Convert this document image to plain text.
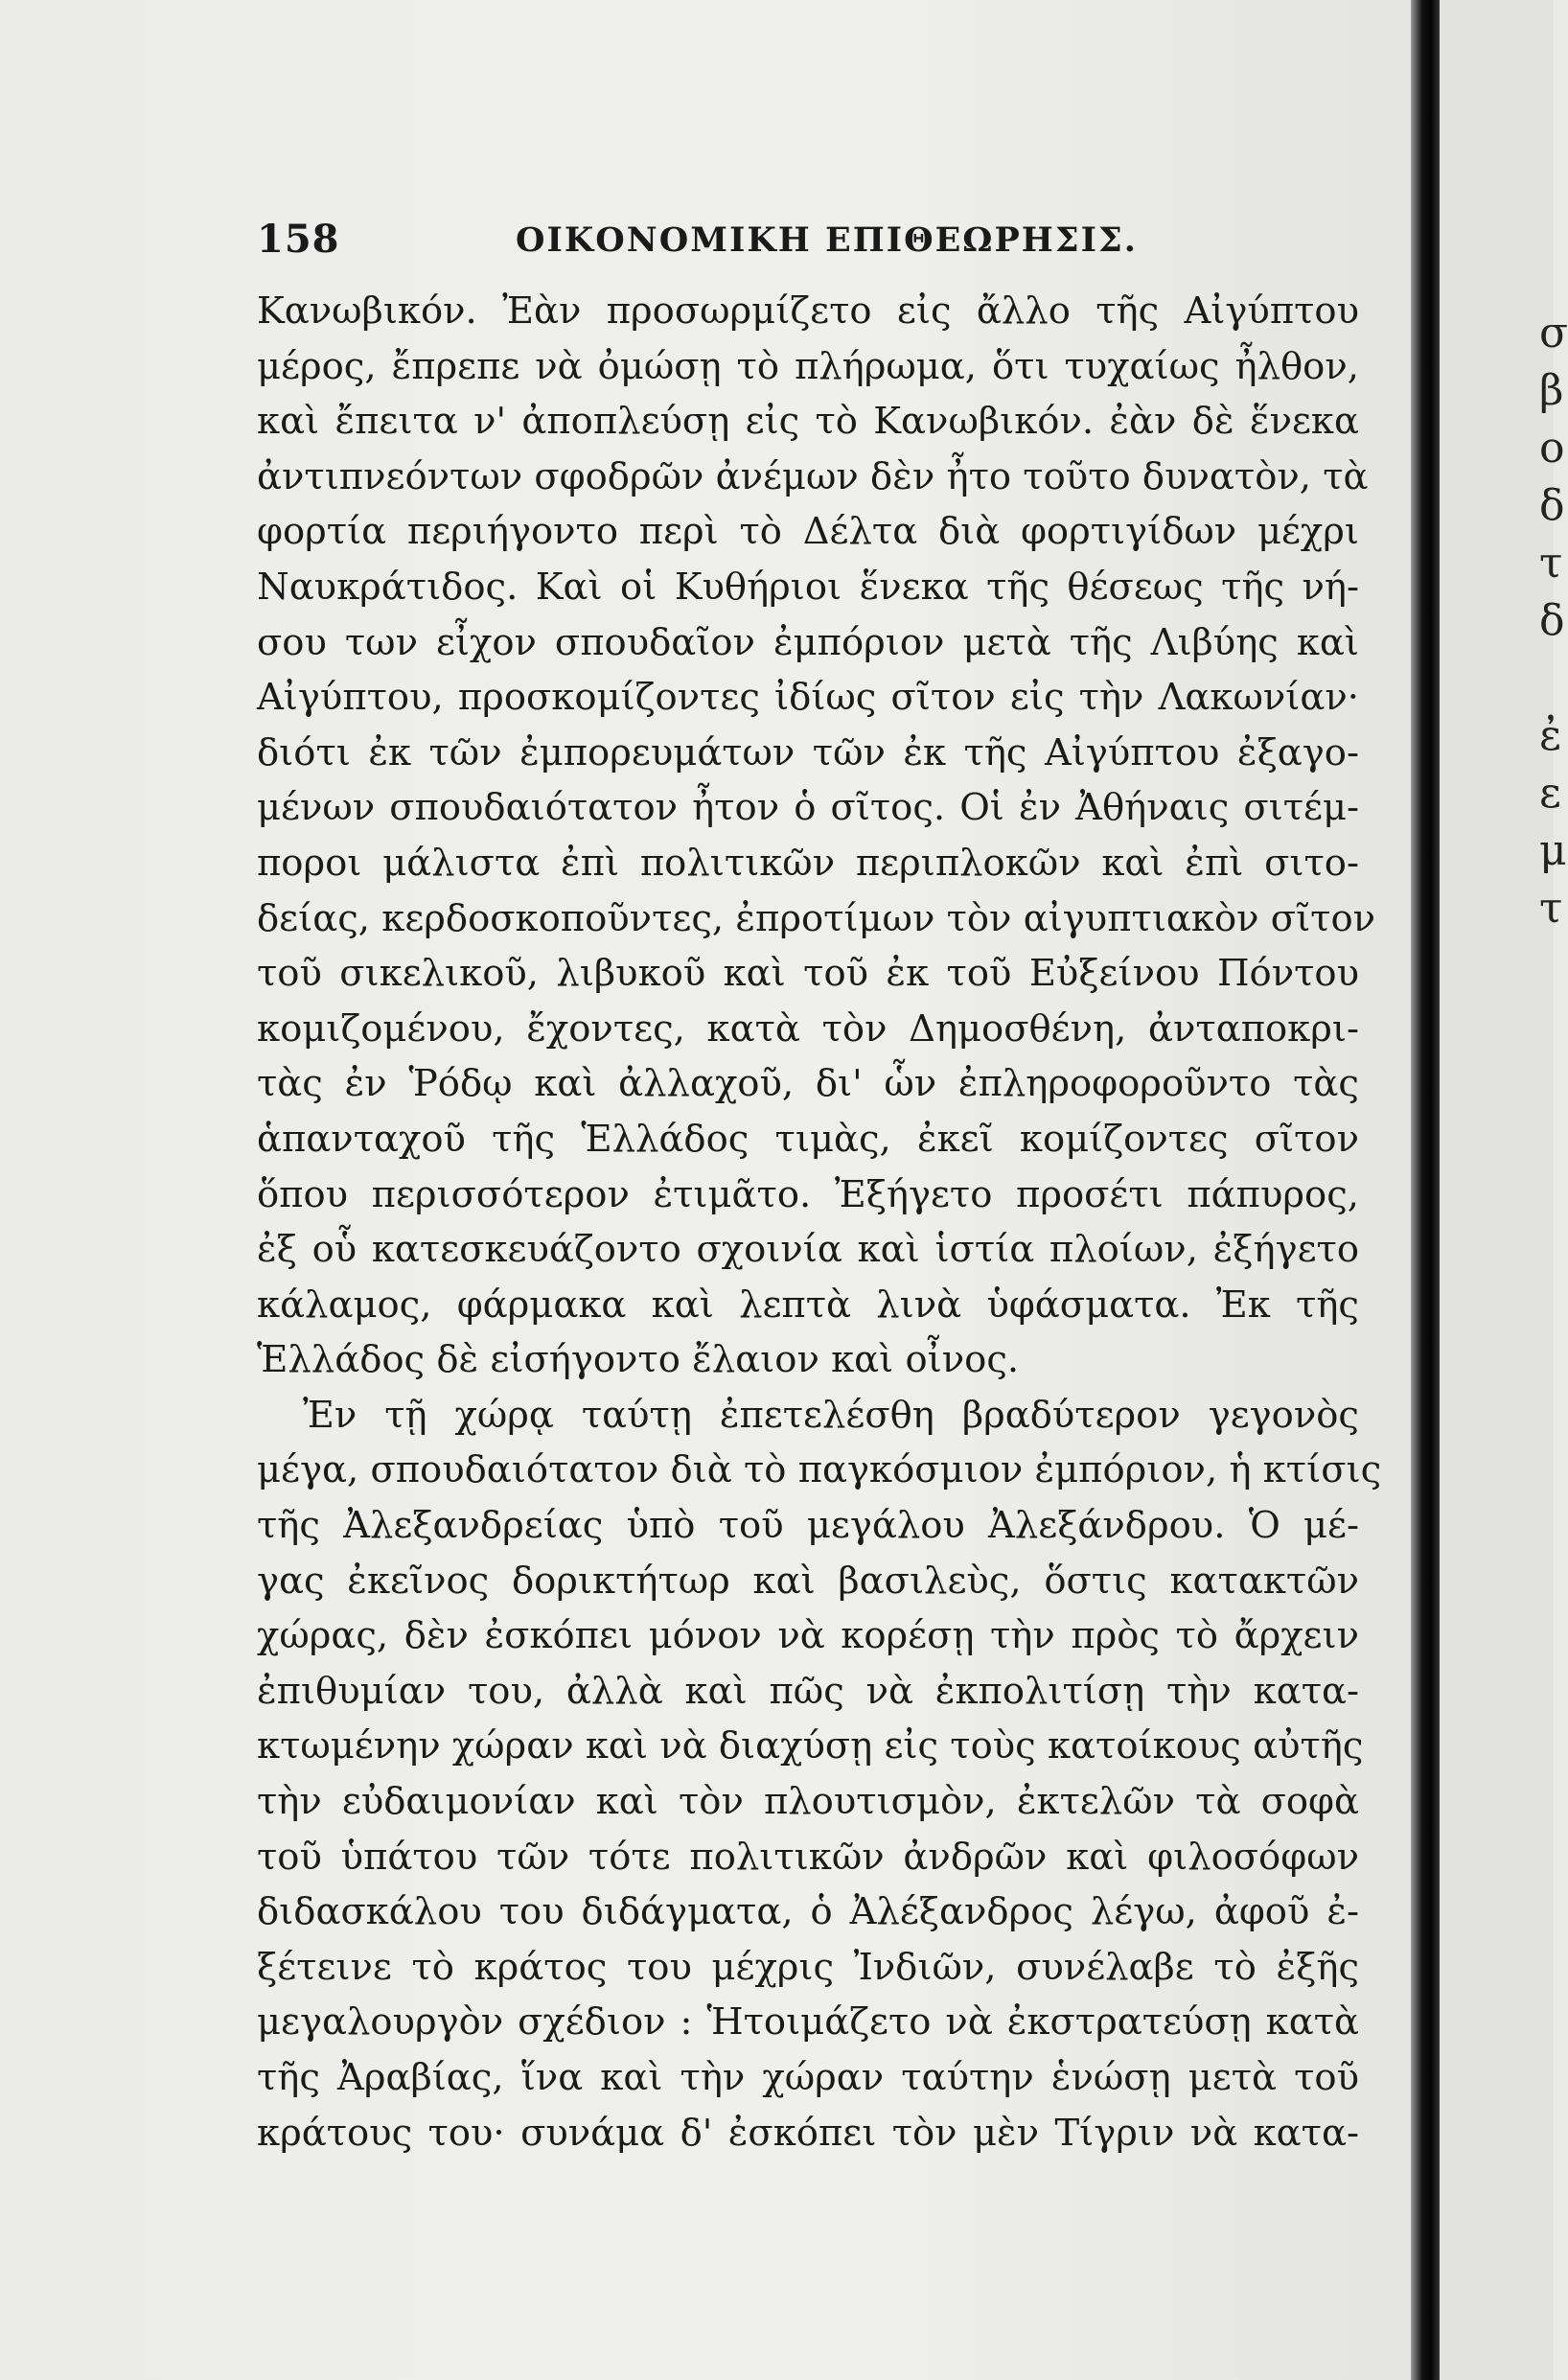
158	ΟΙΚΟΝΟΜΙΚΗ ΕΠΙΘΕΩΡΗΣΙΣ.
Κανωβικόν. Ἐὰν προσωρμίζετο εἰς ἄλλο τῆς Αἰγύπτου
μέρος, ἔπρεπε νὰ ὀμώσῃ τὸ πλήρωμα, ὅτι τυχαίως ἦλθον,
καὶ ἔπειτα ν' ἀποπλεύσῃ εἰς τὸ Κανωβικόν. ἐὰν δὲ ἕνεκα
ἀντιπνεόντων σφοδρῶν ἀνέμων δὲν ἦτο τοῦτο δυνατὸν, τὰ
φορτία περιήγοντο περὶ τὸ Δέλτα διὰ φορτιγίδων μέχρι
Ναυκράτιδος. Καὶ οἱ Κυθήριοι ἕνεκα τῆς θέσεως τῆς νή-
σου των εἶχον σπουδαῖον ἐμπόριον μετὰ τῆς Λιβύης καὶ
Αἰγύπτου, προσκομίζοντες ἰδίως σῖτον εἰς τὴν Λακωνίαν·
διότι ἐκ τῶν ἐμπορευμάτων τῶν ἐκ τῆς Αἰγύπτου ἐξαγο-
μένων σπουδαιότατον ἦτον ὁ σῖτος. Οἱ ἐν Ἀθήναις σιτέμ-
ποροι μάλιστα ἐπὶ πολιτικῶν περιπλοκῶν καὶ ἐπὶ σιτο-
δείας, κερδοσκοποῦντες, ἐπροτίμων τὸν αἰγυπτιακὸν σῖτον
τοῦ σικελικοῦ, λιβυκοῦ καὶ τοῦ ἐκ τοῦ Εὐξείνου Πόντου
κομιζομένου, ἔχοντες, κατὰ τὸν Δημοσθένη, ἀνταποκρι-
τὰς ἐν Ῥόδῳ καὶ ἀλλαχοῦ, δι' ὧν ἐπληροφοροῦντο τὰς
ἁπανταχοῦ τῆς Ἑλλάδος τιμὰς, ἐκεῖ κομίζοντες σῖτον
ὅπου περισσότερον ἐτιμᾶτο. Ἐξήγετο προσέτι πάπυρος,
ἐξ οὗ κατεσκευάζοντο σχοινία καὶ ἱστία πλοίων, ἐξήγετο
κάλαμος, φάρμακα καὶ λεπτὰ λινὰ ὑφάσματα. Ἐκ τῆς
Ἑλλάδος δὲ εἰσήγοντο ἔλαιον καὶ οἶνος.
Ἐν τῇ χώρᾳ ταύτῃ ἐπετελέσθη βραδύτερον γεγονὸς
μέγα, σπουδαιότατον διὰ τὸ παγκόσμιον ἐμπόριον, ἡ κτίσις
τῆς Ἀλεξανδρείας ὑπὸ τοῦ μεγάλου Ἀλεξάνδρου. Ὁ μέ-
γας ἐκεῖνος δορικτήτωρ καὶ βασιλεὺς, ὅστις κατακτῶν
χώρας, δὲν ἐσκόπει μόνον νὰ κορέσῃ τὴν πρὸς τὸ ἄρχειν
ἐπιθυμίαν του, ἀλλὰ καὶ πῶς νὰ ἐκπολιτίσῃ τὴν κατα-
κτωμένην χώραν καὶ νὰ διαχύσῃ εἰς τοὺς κατοίκους αὐτῆς
τὴν εὐδαιμονίαν καὶ τὸν πλουτισμὸν, ἐκτελῶν τὰ σοφὰ
τοῦ ὑπάτου τῶν τότε πολιτικῶν ἀνδρῶν καὶ φιλοσόφων
διδασκάλου του διδάγματα, ὁ Ἀλέξανδρος λέγω, ἀφοῦ ἐ-
ξέτεινε τὸ κράτος του μέχρις Ἰνδιῶν, συνέλαβε τὸ ἐξῆς
μεγαλουργὸν σχέδιον : Ἡτοιμάζετο νὰ ἐκστρατεύσῃ κατὰ
τῆς Ἀραβίας, ἵνα καὶ τὴν χώραν ταύτην ἑνώσῃ μετὰ τοῦ
κράτους του· συνάμα δ' ἐσκόπει τὸν μὲν Τίγριν νὰ κατα-
σ
β
ο
δ
τ
δ
ἐ
ε
μ
τ
